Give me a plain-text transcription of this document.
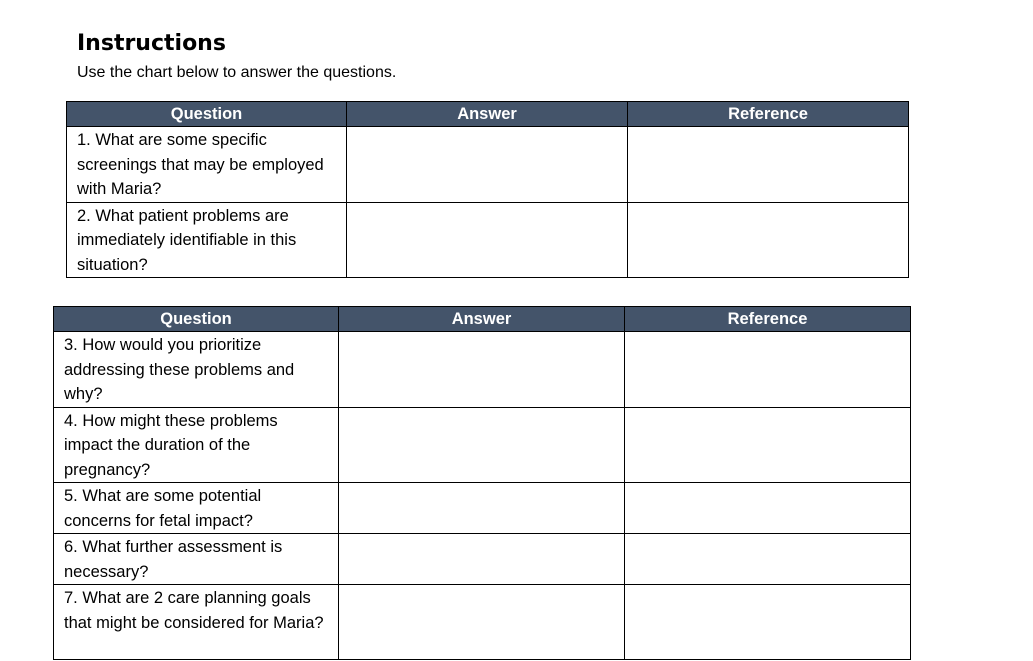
Instructions

Use the chart below to answer the questions.

Question	Answer	Reference
1. What are some specific screenings that may be employed with Maria?		
2. What patient problems are immediately identifiable in this situation?		
Question	Answer	Reference
3. How would you prioritize addressing these problems and why?		
4. How might these problems impact the duration of the pregnancy?		
5. What are some potential concerns for fetal impact?		
6. What further assessment is necessary?		
7. What are 2 care planning goals that might be considered for Maria?		
